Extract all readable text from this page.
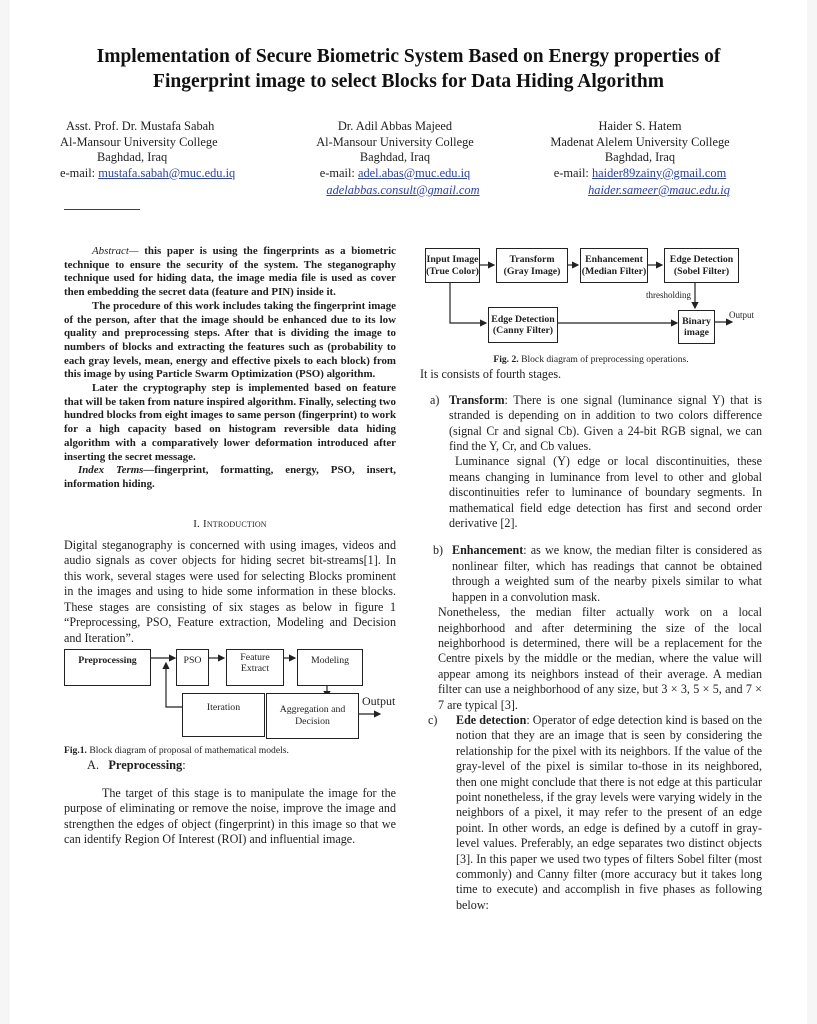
Implementation of Secure Biometric System Based on Energy properties of
Fingerprint image to select Blocks for Data Hiding Algorithm
Asst. Prof. Dr. Mustafa Sabah
Al-Mansour University College
Baghdad, Iraq
e-mail: mustafa.sabah@muc.edu.iq
Dr. Adil Abbas Majeed
Al-Mansour University College
Baghdad, Iraq
e-mail: adel.abas@muc.edu.iq
adelabbas.consult@gmail.com
Haider S. Hatem
Madenat Alelem University College
Baghdad, Iraq
e-mail: haider89zainy@gmail.com
haider.sameer@mauc.edu.iq

Abstract— this paper is using the fingerprints as a biometric technique to ensure the security of the system. The steganography technique used for hiding data, the image media file is used as cover then embedding the secret data (feature and PIN) inside it.

The procedure of this work includes taking the fingerprint image of the person, after that the image should be enhanced due to its low quality and preprocessing steps. After that is dividing the image to numbers of blocks and extracting the features such as (probability to each gray levels, mean, energy and effective pixels to each block) from this image by using Particle Swarm Optimization (PSO) algorithm.

Later the cryptography step is implemented based on feature that will be taken from nature inspired algorithm. Finally, selecting two hundred blocks from eight images to same person (fingerprint) to work for a high capacity based on histogram reversible data hiding algorithm with a comparatively lower deformation introduced after inserting the secret message.

Index Terms—fingerprint, formatting, energy, PSO, insert, information hiding.

I. Introduction

Digital steganography is concerned with using images, videos and audio signals as cover objects for hiding secret bit-streams[1]. In this work, several stages were used for selecting Blocks prominent in the images and using to hide some information in these blocks. These stages are consisting of six stages as below in figure 1 “Preprocessing, PSO, Feature extraction, Modeling and Decision and Iteration”.

Preprocessing	PSO	Feature Extract
Modeling
Iteration	Aggregation and Decision
Output
Fig.1. Block diagram of proposal of mathematical models.

A. Preprocessing:

The target of this stage is to manipulate the image for the purpose of eliminating or remove the noise, improve the image and strengthen the edges of object (fingerprint) in this image so that we can identify Region Of Interest (ROI) and influential image.

Input Image (True Color)
Transform (Gray Image)
Enhancement (Median Filter)
Edge Detection (Sobel Filter)
Edge Detection (Canny Filter)
Binary image
thresholding
Output
Fig. 2. Block diagram of preprocessing operations.

It is consists of fourth stages.

a) Transform: There is one signal (luminance signal Y) that is stranded is depending on in addition to two colors difference (signal Cr and signal Cb). Given a 24-bit RGB signal, we can find the Y, Cr, and Cb values.

Luminance signal (Y) edge or local discontinuities, these means changing in luminance from level to other and global discontinuities refer to luminance of boundary segments. In mathematical field edge detection has first and second order derivative [2].

b) Enhancement: as we know, the median filter is considered as nonlinear filter, which has readings that cannot be obtained through a weighted sum of the nearby pixels similar to what happen in a convolution mask.

Nonetheless, the median filter actually work on a local neighborhood and after determining the size of the local neighborhood is determined, there will be a replacement for the Centre pixels by the middle or the median, where the value will appear among its neighbors instead of their average. A median filter can use a neighborhood of any size, but 3 × 3, 5 × 5, and 7 × 7 are typical [3].

c) Ede detection: Operator of edge detection kind is based on the notion that they are an image that is seen by considering the relationship for the pixel with its neighbors. If the value of the gray-level of the pixel is similar to-those in its neighbored, then one might conclude that there is not edge at this particular point nonetheless, if the gray levels were varying widely in the neighbors of a pixel, it may refer to the present of an edge point. In other words, an edge is defined by a cutoff in gray-level values. Preferably, an edge separates two distinct objects [3]. In this paper we used two types of filters Sobel filter (most commonly) and Canny filter (more accuracy but it takes long time to execute) and accomplish in five phases as following below:
